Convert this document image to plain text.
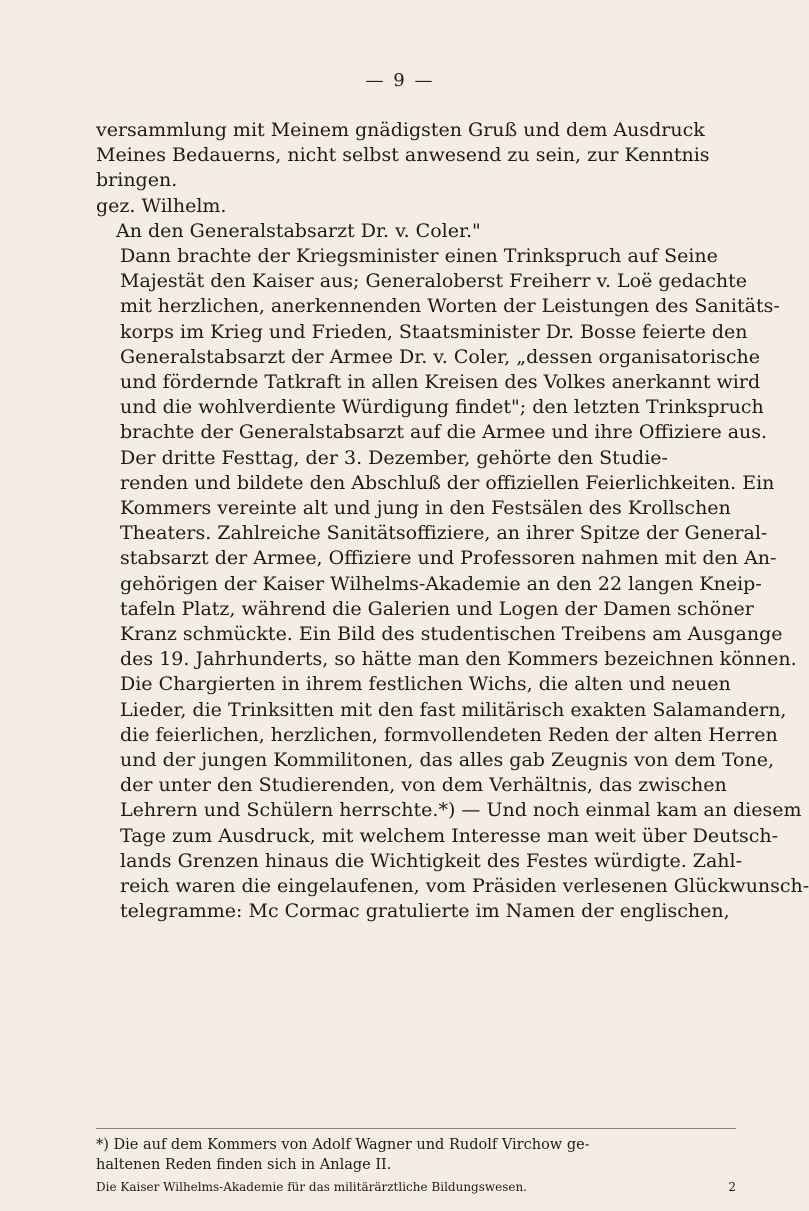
— 9 —

versammlung mit Meinem gnädigsten Gruß und dem Ausdruck
Meines Bedauerns, nicht selbst anwesend zu sein, zur Kenntnis
bringen.

gez. Wilhelm.

An den Generalstabsarzt Dr. v. Coler."

Dann brachte der Kriegsminister einen Trinkspruch auf Seine
Majestät den Kaiser aus; Generaloberst Freiherr v. Loë gedachte
mit herzlichen, anerkennenden Worten der Leistungen des Sanitäts-
korps im Krieg und Frieden, Staatsminister Dr. Bosse feierte den
Generalstabsarzt der Armee Dr. v. Coler, „dessen organisatorische
und fördernde Tatkraft in allen Kreisen des Volkes anerkannt wird
und die wohlverdiente Würdigung findet"; den letzten Trinkspruch
brachte der Generalstabsarzt auf die Armee und ihre Offiziere aus.

Der dritte Festtag, der 3. Dezember, gehörte den Studie-
renden und bildete den Abschluß der offiziellen Feierlichkeiten. Ein
Kommers vereinte alt und jung in den Festsälen des Krollschen
Theaters. Zahlreiche Sanitätsoffiziere, an ihrer Spitze der General-
stabsarzt der Armee, Offiziere und Professoren nahmen mit den An-
gehörigen der Kaiser Wilhelms-Akademie an den 22 langen Kneip-
tafeln Platz, während die Galerien und Logen der Damen schöner
Kranz schmückte. Ein Bild des studentischen Treibens am Ausgange
des 19. Jahrhunderts, so hätte man den Kommers bezeichnen können.
Die Chargierten in ihrem festlichen Wichs, die alten und neuen
Lieder, die Trinksitten mit den fast militärisch exakten Salamandern,
die feierlichen, herzlichen, formvollendeten Reden der alten Herren
und der jungen Kommilitonen, das alles gab Zeugnis von dem Tone,
der unter den Studierenden, von dem Verhältnis, das zwischen
Lehrern und Schülern herrschte.*) — Und noch einmal kam an diesem
Tage zum Ausdruck, mit welchem Interesse man weit über Deutsch-
lands Grenzen hinaus die Wichtigkeit des Festes würdigte. Zahl-
reich waren die eingelaufenen, vom Präsiden verlesenen Glückwunsch-
telegramme: Mc Cormac gratulierte im Namen der englischen,

*) Die auf dem Kommers von Adolf Wagner und Rudolf Virchow ge-

haltenen Reden finden sich in Anlage II.

Die Kaiser Wilhelms-Akademie für das militärärztliche Bildungswesen.	2
